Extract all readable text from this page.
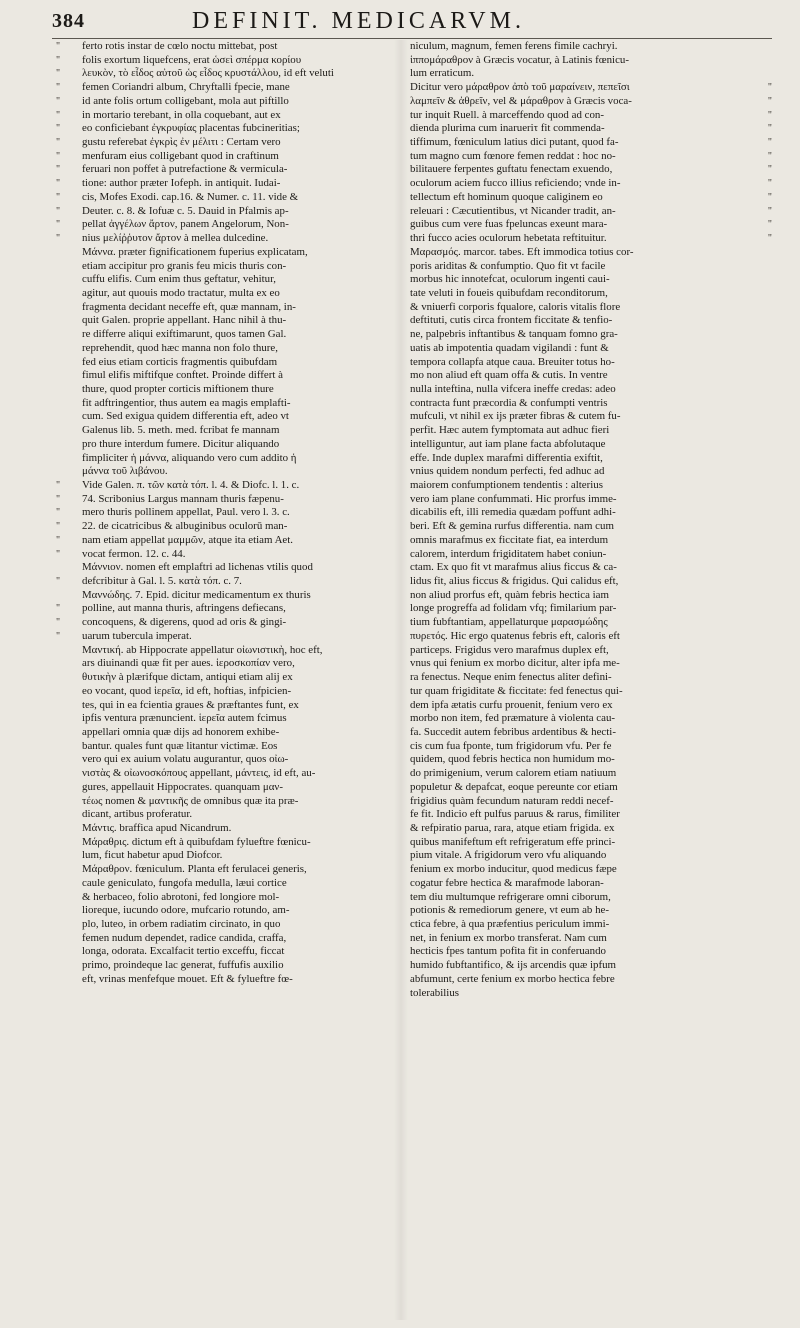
384	DEFINIT. MEDICARVM.
" ferto rotis instar de cœlo noctu mittebat, post
" folis exortum liquefcens, erat ὡσεὶ σπέρμα κορίου
" λευκὸν, τὸ εἶδος αὐτοῦ ὡς εἶδος κρυστάλλου, id eft veluti
" femen Coriandri album, Chryftalli fpecie, mane
" id ante folis ortum colligebant, mola aut piftillo
" in mortario terebant, in olla coquebant, aut ex
" eo conficiebant ἐγκρυφίας placentas fubcineritias;
" gustu referebat ἐγκρὶς ἐν μέλιτι : Certam vero
" menfuram eius colligebant quod in craftinum
" feruari non poffet à putrefactione & vermicula-
" tione: author præter Iofeph. in antiquit. Iudai-
" cis, Mofes Exodi. cap.16. & Numer. c. 11. vide &
" Deuter. c. 8. & Iofuæ c. 5. Dauid in Pfalmis ap-
" pellat ἀγγέλων ἄρτον, panem Angelorum, Non-
" nius μελίῤῥυτον ἄρτον à mellea dulcedine.
Μάννα. præter fignificationem fuperius explicatam,
etiam accipitur pro granis feu micis thuris con-
cuffu elifis. Cum enim thus geftatur, vehitur,
agitur, aut quouis modo tractatur, multa ex eo
fragmenta decidant neceffe eft, quæ mannam, in-
quit Galen. proprie appellant. Hanc nihil à thu-
re differre aliqui exiftimarunt, quos tamen Gal.
reprehendit, quod hæc manna non folo thure,
fed eius etiam corticis fragmentis quibufdam
fimul elifis miftifque conftet. Proinde differt à
thure, quod propter corticis miftionem thure
fit adftringentior, thus autem ea magis emplafti-
cum. Sed exigua quidem differentia eft, adeo vt
Galenus lib. 5. meth. med. fcribat fe mannam
pro thure interdum fumere. Dicitur aliquando
fimpliciter ἡ μάννα, aliquando vero cum addito ἡ
μάννα τοῦ λιβάνου.
" Vide Galen. π. τῶν κατὰ τόπ. l. 4. & Diofc. l. 1. c.
" 74. Scribonius Largus mannam thuris fæpenu-
" mero thuris pollinem appellat, Paul. vero l. 3. c.
" 22. de cicatricibus & albuginibus oculorū man-
" nam etiam appellat μαμμῶν, atque ita etiam Aet.
" vocat fermon. 12. c. 44.
Μάννιον. nomen eft emplaftri ad lichenas vtilis quod
" defcribitur à Gal. l. 5. κατὰ τόπ. c. 7.
Μαννώδης. 7. Epid. dicitur medicamentum ex thuris
" polline, aut manna thuris, aftringens defiecans,
" concoquens, & digerens, quod ad oris & gingi-
" uarum tubercula imperat.
Μαντική. ab Hippocrate appellatur οἰωνιστικὴ, hoc eft,
ars diuinandi quæ fit per aues. ἱεροσκοπίαν vero,
θυτικὴν à plærifque dictam, antiqui etiam alij ex
eo vocant, quod ἱερεῖα, id eft, hoftias, infpicien-
tes, qui in ea fcientia graues & præftantes funt, ex
ipfis ventura prænuncient. ἱερεῖα autem fcimus
appellari omnia quæ dijs ad honorem exhibe-
bantur. quales funt quæ litantur victimæ. Eos
vero qui ex auium volatu augurantur, quos οἰω-
νιστὰς & οἰωνοσκόπους appellant, μάντεις, id eft, au-
gures, appellauit Hippocrates. quanquam μαν-
τέως nomen & μαντικῆς de omnibus quæ ita præ-
dicant, artibus proferatur.
Μάντις. braffica apud Nicandrum.
Μάραθρις. dictum eft à quibufdam fylueftre fœnicu-
lum, ficut habetur apud Diofcor.
Μάραθρον. fœniculum. Planta eft ferulacei generis,
caule geniculato, fungofa medulla, læui cortice
& herbaceo, folio abrotoni, fed longiore mol-
lioreque, iucundo odore, mufcario rotundo, am-
plo, luteo, in orbem radiatim circinato, in quo
femen nudum dependet, radice candida, craffa,
longa, odorata. Excalfacit tertio exceffu, ficcat
primo, proindeque lac generat, fuffufis auxilio
eft, vrinas menfefque mouet. Eft & fylueftre fœ-
niculum, magnum, femen ferens fimile cachryi.
ἱππομάραθρον à Græcis vocatur, à Latinis fœnicu-
lum erraticum.
"
Dicitur vero μάραθρον ἀπὸ τοῦ μαραίνειν, πεπεῖσι
"
λαμπεῖν & ἀθρεῖν, vel & μάραθρον à Græcis voca-
"
tur inquit Ruell. à marceffendo quod ad con-
"
dienda plurima cum inarueriτ fit commenda-
"
tiffimum, fœniculum latius dici putant, quod fa-
"
tum magno cum fœnore femen reddat : hoc no-
"
bilitauere ferpentes guftatu fenectam exuendo,
"
oculorum aciem fucco illius reficiendo; vnde in-
"
tellectum eft hominum quoque caliginem eo
"
releuari : Cæcutientibus, vt Nicander tradit, an-
"
guibus cum vere fuas fpeluncas exeunt mara-
"
thri fucco acies oculorum hebetata reftituitur.
Μαρασμός. marcor. tabes. Eft immodica totius cor-
poris ariditas & confumptio. Quo fit vt facile
morbus hic innotefcat, oculorum ingenti caui-
tate veluti in foueis quibufdam reconditorum,
& vniuerfi corporis fqualore, caloris vitalis flore
deftituti, cutis circa frontem ficcitate & tenfio-
ne, palpebris inftantibus & tanquam fomno gra-
uatis ab impotentia quadam vigilandi : funt &
tempora collapfa atque caua. Breuiter totus ho-
mo non aliud eft quam offa & cutis. In ventre
nulla inteftina, nulla vifcera ineffe credas: adeo
contracta funt præcordia & confumpti ventris
mufculi, vt nihil ex ijs præter fibras & cutem fu-
perfit. Hæc autem fymptomata aut adhuc fieri
intelliguntur, aut iam plane facta abfolutaque
effe. Inde duplex marafmi differentia exiftit,
vnius quidem nondum perfecti, fed adhuc ad
maiorem confumptionem tendentis : alterius
vero iam plane confummati. Hic prorfus imme-
dicabilis eft, illi remedia quædam poffunt adhi-
beri. Eft & gemina rurfus differentia. nam cum
omnis marafmus ex ficcitate fiat, ea interdum
calorem, interdum frigiditatem habet coniun-
ctam. Ex quo fit vt marafmus alius ficcus & ca-
lidus fit, alius ficcus & frigidus. Qui calidus eft,
non aliud prorfus eft, quàm febris hectica iam
longe progreffa ad folidam vfq; fimilarium par-
tium fubftantiam, appellaturque μαρασμώδης
πυρετός. Hic ergo quatenus febris eft, caloris eft
particeps. Frigidus vero marafmus duplex eft,
vnus qui fenium ex morbo dicitur, alter ipfa me-
ra fenectus. Neque enim fenectus aliter defini-
tur quam frigiditate & ficcitate: fed fenectus qui-
dem ipfa ætatis curfu prouenit, fenium vero ex
morbo non item, fed præmature à violenta cau-
fa. Succedit autem febribus ardentibus & hecti-
cis cum fua fponte, tum frigidorum vfu. Per fe
quidem, quod febris hectica non humidum mo-
do primigenium, verum calorem etiam natiuum
populetur & depafcat, eoque pereunte cor etiam
frigidius quàm fecundum naturam reddi necef-
fe fit. Indicio eft pulfus paruus & rarus, fimiliter
& refpiratio parua, rara, atque etiam frigida. ex
quibus manifeftum eft refrigeratum effe princi-
pium vitale. A frigidorum vero vfu aliquando
fenium ex morbo inducitur, quod medicus fæpe
cogatur febre hectica & marafmode laboran-
tem diu multumque refrigerare omni ciborum,
potionis & remediorum genere, vt eum ab he-
ctica febre, à qua præfentius periculum immi-
net, in fenium ex morbo transferat. Nam cum
hecticis fpes tantum pofita fit in conferuando
humido fubftantifico, & ijs arcendis quæ ipfum
abfumunt, certe fenium ex morbo hectica febre
tolerabilius
